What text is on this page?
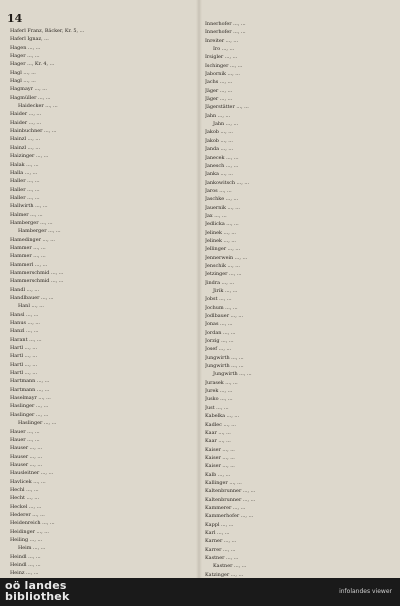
14
Haferl Franz, Bäcker, Kr. 5, ...
Haferl Ignaz, ...
Hagen ..., ...
Hager ..., ...
Hager ..., Kr. 4, ...
Hagl ..., ...
Hagl ..., ...
Hagmayr ..., ...
Hagmüller ..., ...
Haidecker ..., ...
Haider ..., ...
Haider ..., ...
Hainbuchner ..., ...
Hainzl ..., ...
Hainzl ..., ...
Haizinger ..., ...
Halak ..., ...
Halla ..., ...
Haller ..., ...
Haller ..., ...
Haller ..., ...
Hallwirth ..., ...
Halmer ..., ...
Hamberger ..., ...
Hamberger ..., ...
Hamedinger ..., ...
Hammer ..., ...
Hammer ..., ...
Hammerl ..., ...
Hammerschmid ..., ...
Hammerschmid ..., ...
Handl ..., ...
Handlbauer ..., ...
Hanl ..., ...
Hansl ..., ...
Hanus ..., ...
Hanzl ..., ...
Harant ..., ...
Hartl ..., ...
Hartl ..., ...
Hartl ..., ...
Hartl ..., ...
Hartmann ..., ...
Hartmann ..., ...
Haselmayr ..., ...
Haslinger ..., ...
Haslinger ..., ...
Haslinger ..., ...
Hauer ..., ...
Hauer ..., ...
Hauser ..., ...
Hauser ..., ...
Hauser ..., ...
Hausleitner ..., ...
Havlicek ..., ...
Hechl ..., ...
Hecht ..., ...
Heckel ..., ...
Hederer ..., ...
Heidenreich ..., ...
Heidinger ..., ...
Heiling ..., ...
Heim ..., ...
Heindl ..., ...
Heindl ..., ...
Heinz ..., ...
Innerhofer ..., ...
Innerhofer ..., ...
Inreiter ..., ...
Iro ..., ...
Irsigler ..., ...
Ischinger ..., ...
Jabornik ..., ...
Jachs ..., ...
Jäger ..., ...
Jäger ..., ...
Jägerstätter ..., ...
Jahn ..., ...
Jahn ..., ...
Jakob ..., ...
Jakob ..., ...
Janda ..., ...
Janecek ..., ...
Janesch ..., ...
Janka ..., ...
Jankowitsch ..., ...
Jaros ..., ...
Jaschke ..., ...
Jauernik ..., ...
Jax ..., ...
Jedlicka ..., ...
Jelinek ..., ...
Jelinek ..., ...
Jellinger ..., ...
Jennerwein ..., ...
Jenschik ..., ...
Jetzinger ..., ...
Jindra ..., ...
Jirik ..., ...
Jobst ..., ...
Jochum ..., ...
Jodlbauer ..., ...
Jonas ..., ...
Jordan ..., ...
Jorzig ..., ...
Josef ..., ...
Jungwirth ..., ...
Jungwirth ..., ...
Jungwirth ..., ...
Jurasek ..., ...
Jurek ..., ...
Jusko ..., ...
Just ..., ...
Kabelka ..., ...
Kadlec ..., ...
Kaar ..., ...
Kaar ..., ...
Kaiser ..., ...
Kaiser ..., ...
Kaiser ..., ...
Kalb ..., ...
Kallinger ..., ...
Kaltenbrunner ..., ...
Kaltenbrunner ..., ...
Kammerer ..., ...
Kammerhofer ..., ...
Kappl ..., ...
Karl ..., ...
Karner ..., ...
Karrer ..., ...
Kastner ..., ...
Kastner ..., ...
Katzinger ..., ...
oö landes
bibliothek	infolandes viewer
